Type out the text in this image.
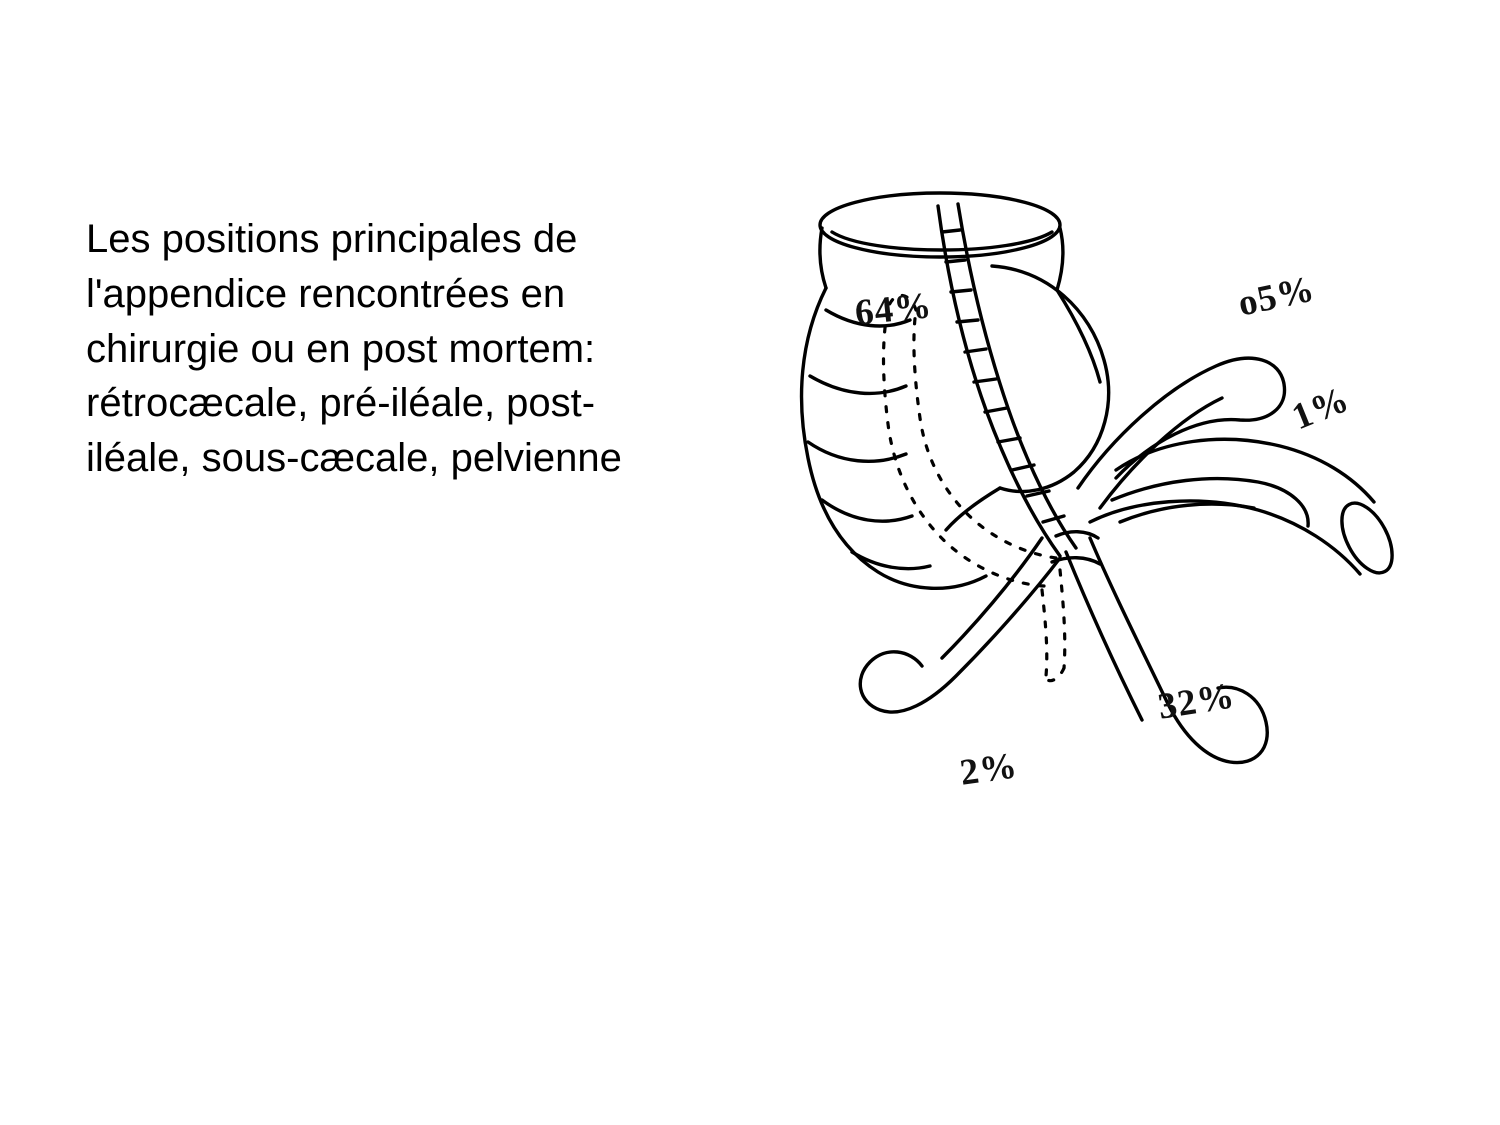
Les positions principales de l'appendice rencontrées en chirurgie ou en post mortem: rétrocæcale, pré-iléale, post-iléale, sous-cæcale, pelvienne
64%	o5%
1%
32%
2%
